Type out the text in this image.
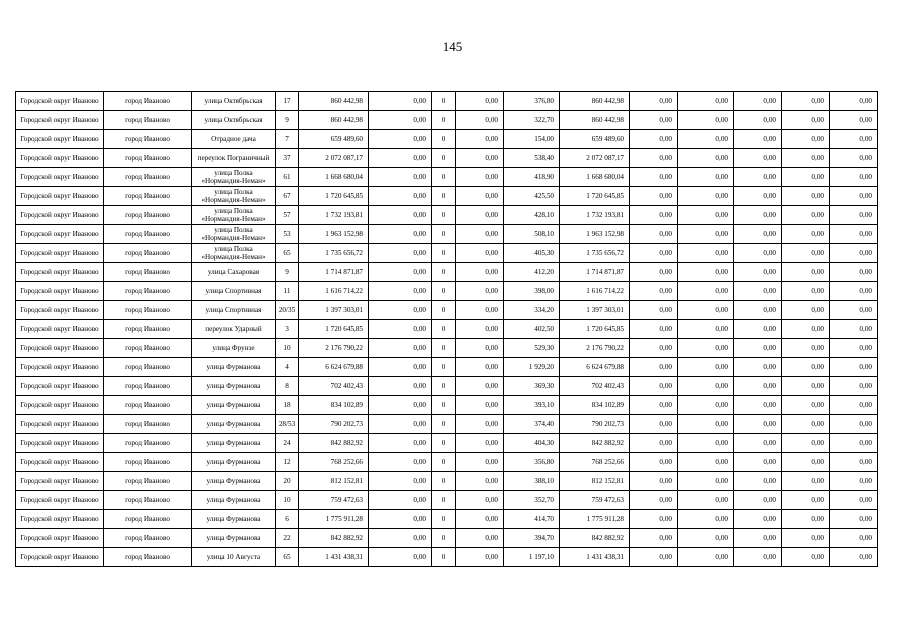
145
Городской округ Иваново	город Иваново	улица Октябрьская	17	860 442,98	0,00	0	0,00	376,80	860 442,98	0,00	0,00	0,00	0,00	0,00
Городской округ Иваново	город Иваново	улица Октябрьская	9	860 442,98	0,00	0	0,00	322,70	860 442,98	0,00	0,00	0,00	0,00	0,00
Городской округ Иваново	город Иваново	Отрадное дача	7	659 489,60	0,00	0	0,00	154,00	659 489,60	0,00	0,00	0,00	0,00	0,00
Городской округ Иваново	город Иваново	переулок Пограничный	37	2 072 087,17	0,00	0	0,00	538,40	2 072 087,17	0,00	0,00	0,00	0,00	0,00
Городской округ Иваново	город Иваново	улица Полка «Нормандия-Неман»	61	1 668 680,04	0,00	0	0,00	418,90	1 668 680,04	0,00	0,00	0,00	0,00	0,00
Городской округ Иваново	город Иваново	улица Полка «Нормандия-Неман»	67	1 720 645,85	0,00	0	0,00	425,50	1 720 645,85	0,00	0,00	0,00	0,00	0,00
Городской округ Иваново	город Иваново	улица Полка «Нормандия-Неман»	57	1 732 193,81	0,00	0	0,00	428,10	1 732 193,81	0,00	0,00	0,00	0,00	0,00
Городской округ Иваново	город Иваново	улица Полка «Нормандия-Неман»	53	1 963 152,98	0,00	0	0,00	508,10	1 963 152,98	0,00	0,00	0,00	0,00	0,00
Городской округ Иваново	город Иваново	улица Полка «Нормандия-Неман»	65	1 735 656,72	0,00	0	0,00	405,30	1 735 656,72	0,00	0,00	0,00	0,00	0,00
Городской округ Иваново	город Иваново	улица Сахаровая	9	1 714 871,87	0,00	0	0,00	412,20	1 714 871,87	0,00	0,00	0,00	0,00	0,00
Городской округ Иваново	город Иваново	улица Спортивная	11	1 616 714,22	0,00	0	0,00	398,00	1 616 714,22	0,00	0,00	0,00	0,00	0,00
Городской округ Иваново	город Иваново	улица Спортивная	20/35	1 397 303,01	0,00	0	0,00	334,20	1 397 303,01	0,00	0,00	0,00	0,00	0,00
Городской округ Иваново	город Иваново	переулок Ударный	3	1 720 645,85	0,00	0	0,00	402,50	1 720 645,85	0,00	0,00	0,00	0,00	0,00
Городской округ Иваново	город Иваново	улица Фрунзе	10	2 176 790,22	0,00	0	0,00	529,30	2 176 790,22	0,00	0,00	0,00	0,00	0,00
Городской округ Иваново	город Иваново	улица Фурманова	4	6 624 679,88	0,00	0	0,00	1 929,20	6 624 679,88	0,00	0,00	0,00	0,00	0,00
Городской округ Иваново	город Иваново	улица Фурманова	8	702 402,43	0,00	0	0,00	369,30	702 402,43	0,00	0,00	0,00	0,00	0,00
Городской округ Иваново	город Иваново	улица Фурманова	18	834 102,89	0,00	0	0,00	393,10	834 102,89	0,00	0,00	0,00	0,00	0,00
Городской округ Иваново	город Иваново	улица Фурманова	28/53	790 202,73	0,00	0	0,00	374,40	790 202,73	0,00	0,00	0,00	0,00	0,00
Городской округ Иваново	город Иваново	улица Фурманова	24	842 882,92	0,00	0	0,00	404,30	842 882,92	0,00	0,00	0,00	0,00	0,00
Городской округ Иваново	город Иваново	улица Фурманова	12	768 252,66	0,00	0	0,00	356,80	768 252,66	0,00	0,00	0,00	0,00	0,00
Городской округ Иваново	город Иваново	улица Фурманова	20	812 152,81	0,00	0	0,00	388,10	812 152,81	0,00	0,00	0,00	0,00	0,00
Городской округ Иваново	город Иваново	улица Фурманова	10	759 472,63	0,00	0	0,00	352,70	759 472,63	0,00	0,00	0,00	0,00	0,00
Городской округ Иваново	город Иваново	улица Фурманова	6	1 775 911,28	0,00	0	0,00	414,70	1 775 911,28	0,00	0,00	0,00	0,00	0,00
Городской округ Иваново	город Иваново	улица Фурманова	22	842 882,92	0,00	0	0,00	394,70	842 882,92	0,00	0,00	0,00	0,00	0,00
Городской округ Иваново	город Иваново	улица 10 Августа	65	1 431 438,31	0,00	0	0,00	1 197,10	1 431 438,31	0,00	0,00	0,00	0,00	0,00
